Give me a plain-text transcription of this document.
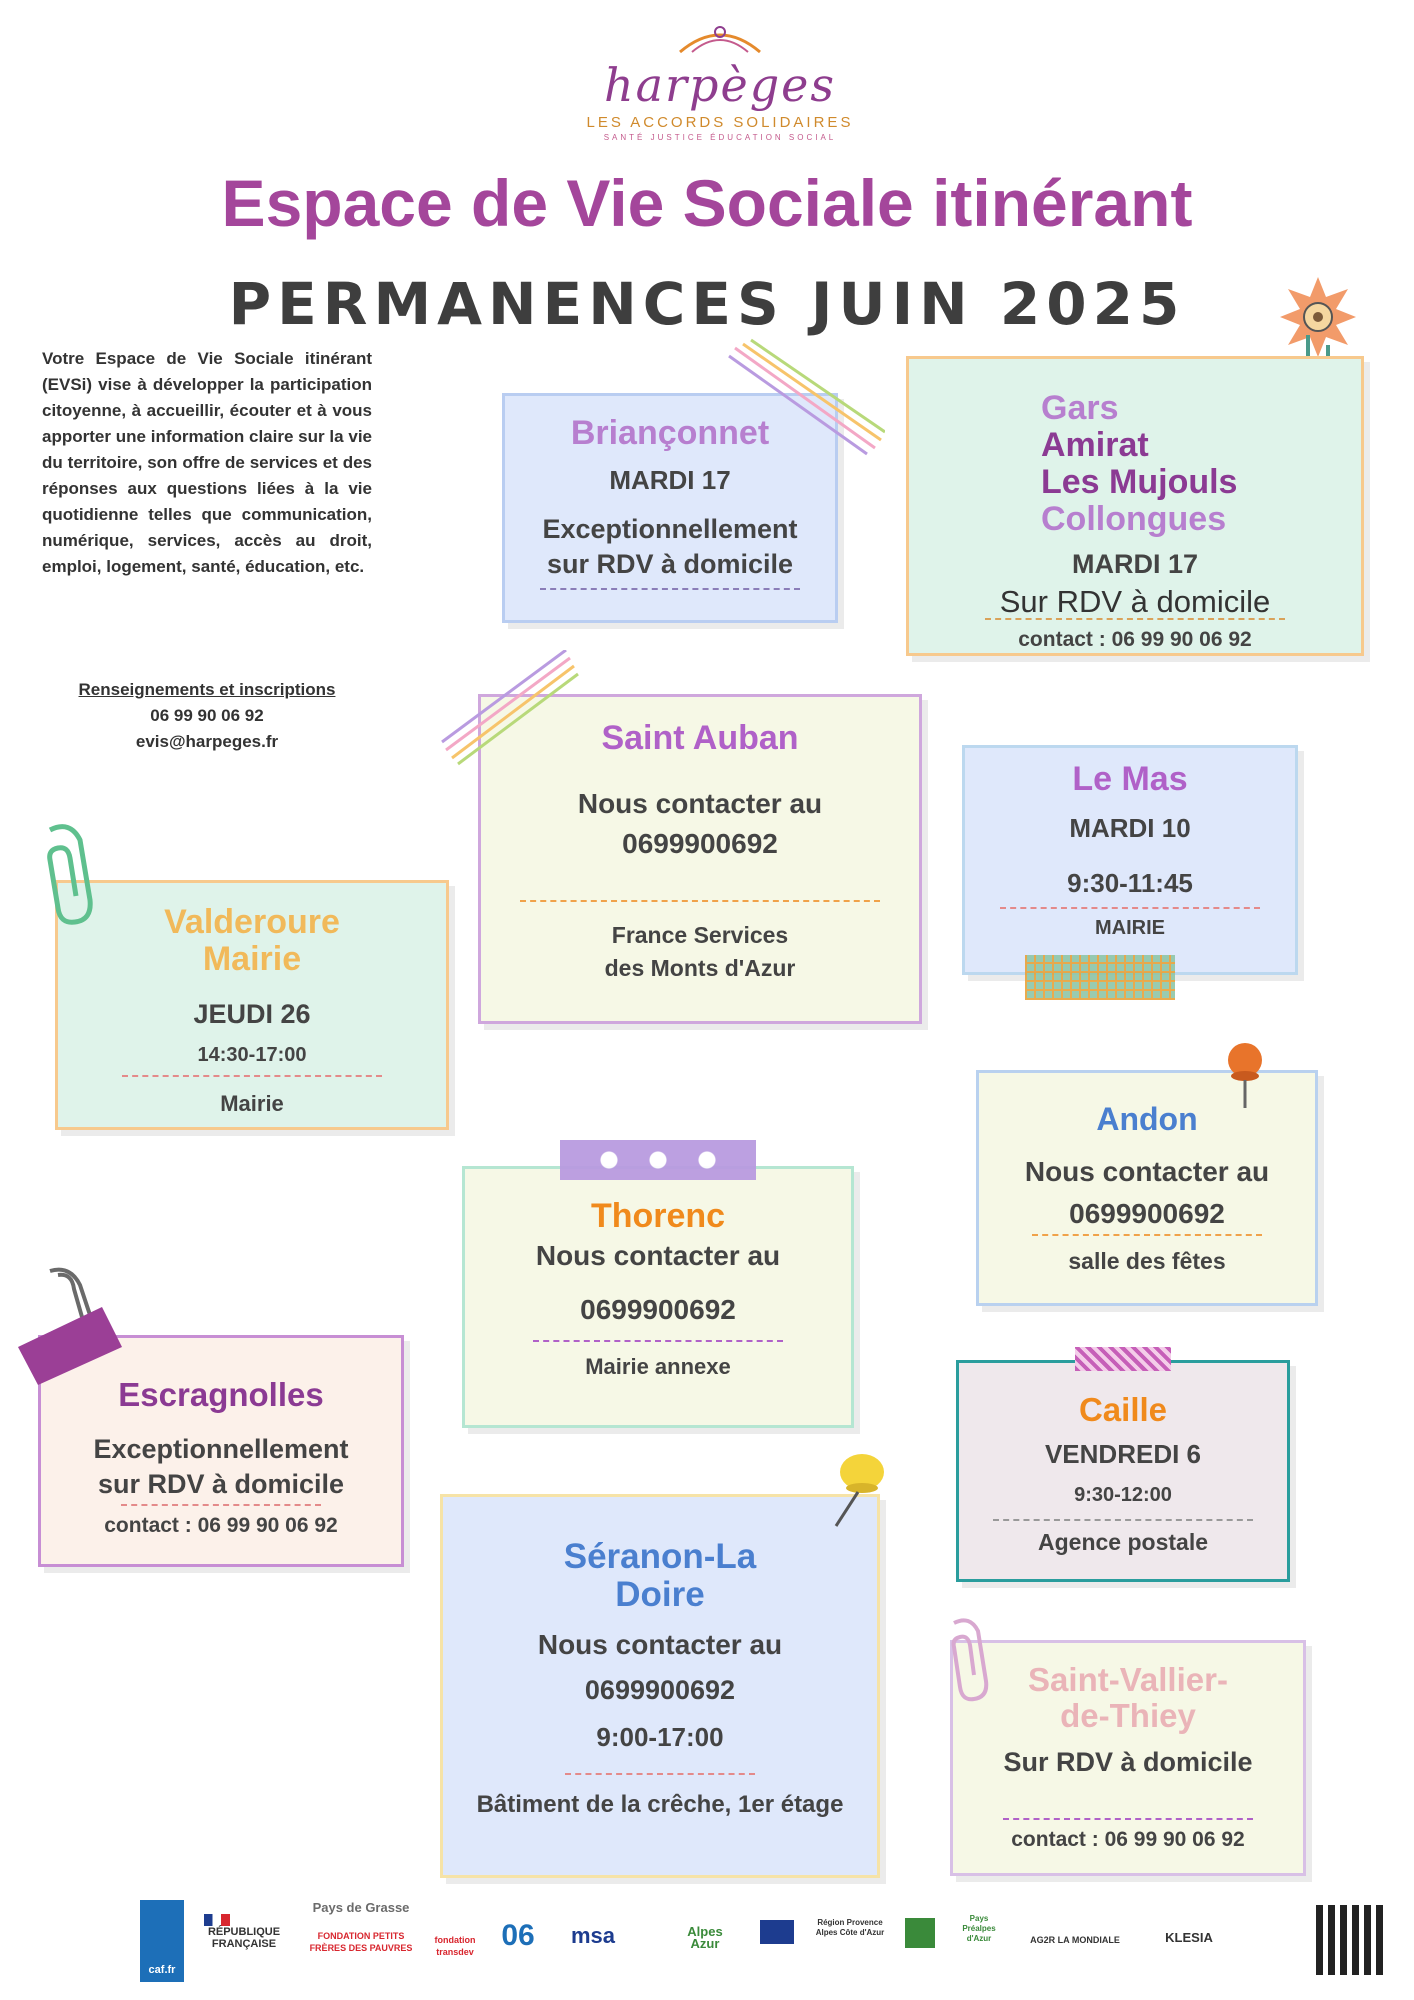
harpèges
LES ACCORDS SOLIDAIRES
SANTÉ JUSTICE ÉDUCATION SOCIAL
Espace de Vie Sociale itinérant
PERMANENCES JUIN 2025
Votre Espace de Vie Sociale itinérant (EVSi) vise à développer la participation citoyenne, à accueillir, écouter et à vous apporter une information claire sur la vie du territoire, son offre de services et des réponses aux questions liées à la vie quotidienne telles que communication, numérique, services, accès au droit, emploi, logement, santé, éducation, etc.
Renseignements et inscriptions
06 99 90 06 92
evis@harpeges.fr
Briançonnet
MARDI 17
Exceptionnellement
sur RDV à domicile
Gars
Amirat
Les Mujouls
Collongues
MARDI 17
Sur RDV à domicile
contact : 06 99 90 06 92
Saint Auban
Nous contacter au
0699900692
France Services
des Monts d'Azur
Le Mas
MARDI 10
9:30-11:45
MAIRIE
Valderoure
Mairie
JEUDI 26
14:30-17:00
Mairie	Andon
Nous contacter au
0699900692
salle des fêtes
Thorenc
Nous contacter au
0699900692
Mairie annexe
Escragnolles
Exceptionnellement
sur RDV à domicile
contact : 06 99 90 06 92
Caille
VENDREDI 6
9:30-12:00
Agence postale
Séranon-La
Doire
Nous contacter au
0699900692
9:00-17:00
Bâtiment de la crêche, 1er étage
Saint-Vallier-
de-Thiey
Sur RDV à domicile
contact : 06 99 90 06 92
caf.fr
RÉPUBLIQUE FRANÇAISE
Pays de Grasse
FONDATION PETITS FRÈRES DES PAUVRES
fondation transdev 06	msa	Alpes Azur
Région Provence Alpes Côte d'Azur
Pays Préalpes d'Azur	AG2R LA MONDIALE	KLESIA
